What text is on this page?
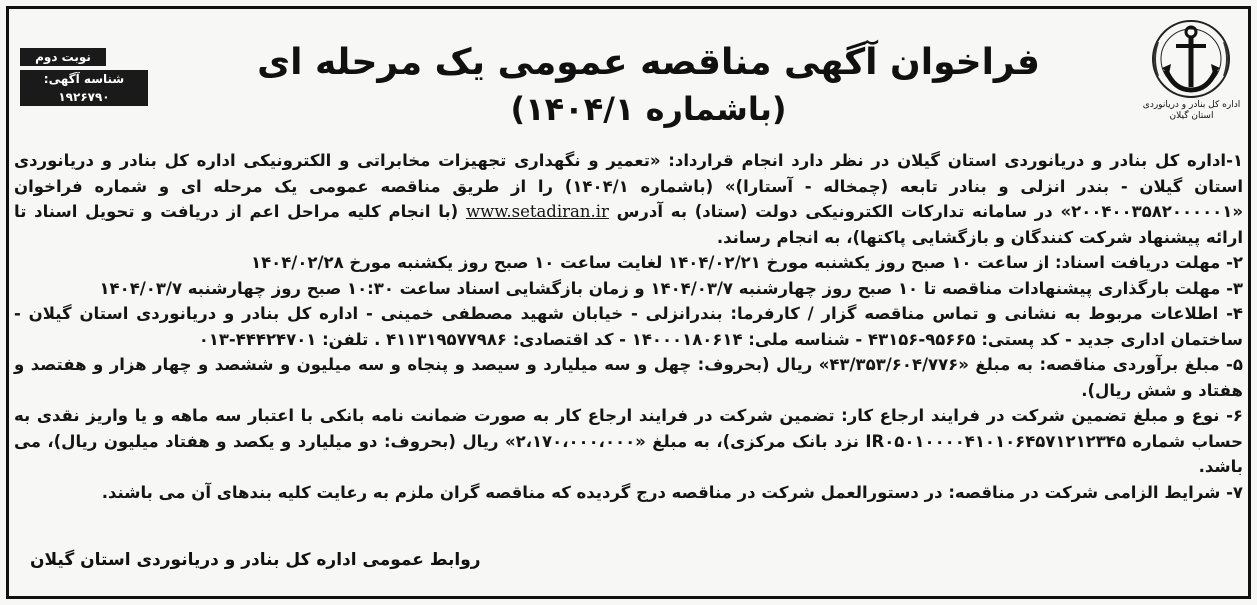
نوبت دوم
شناسه آگهی: ۱۹۲۶۷۹۰
اداره کل بنادر و دریانوردی استان گیلان
فراخوان آگهی مناقصه عمومی یک مرحله ای
(باشماره ۱۴۰۴/۱)

۱-اداره کل بنادر و دریانوردی استان گیلان در نظر دارد انجام قرارداد: «تعمیر و نگهداری تجهیزات مخابراتی و الکترونیکی اداره کل بنادر و دریانوردی استان گیلان - بندر انزلی و بنادر تابعه (چمخاله - آستارا)» (باشماره ۱۴۰۴/۱) را از طریق مناقصه عمومی یک مرحله ای و شماره فراخوان «۲۰۰۴۰۰۳۵۸۲۰۰۰۰۰۱» در سامانه تدارکات الکترونیکی دولت (ستاد) به آدرس www.setadiran.ir (با انجام کلیه مراحل اعم از دریافت و تحویل اسناد تا ارائه پیشنهاد شرکت کنندگان و بازگشایی پاکتها)، به انجام رساند.

۲- مهلت دریافت اسناد: از ساعت ۱۰ صبح روز یکشنبه مورخ ۱۴۰۴/۰۲/۲۱ لغایت ساعت ۱۰ صبح روز یکشنبه مورخ ۱۴۰۴/۰۲/۲۸

۳- مهلت بارگذاری پیشنهادات مناقصه تا ۱۰ صبح روز چهارشنبه ۱۴۰۴/۰۳/۷ و زمان بازگشایی اسناد ساعت ۱۰:۳۰ صبح روز چهارشنبه ۱۴۰۴/۰۳/۷

۴- اطلاعات مربوط به نشانی و تماس مناقصه گزار / کارفرما: بندرانزلی - خیابان شهید مصطفی خمینی - اداره کل بنادر و دریانوردی استان گیلان - ساختمان اداری جدید - کد پستی: ۹۵۶۶۵-۴۳۱۵۶ - شناسه ملی: ۱۴۰۰۰۱۸۰۶۱۴ - کد اقتصادی: ۴۱۱۳۱۹۵۷۷۹۸۶ . تلفن: ۴۴۴۲۴۷۰۱-۰۱۳

۵- مبلغ برآوردی مناقصه: به مبلغ «۴۳/۳۵۳/۶۰۴/۷۷۶» ریال (بحروف: چهل و سه میلیارد و سیصد و پنجاه و سه میلیون و ششصد و چهار هزار و هفتصد و هفتاد و شش ریال).

۶- نوع و مبلغ تضمین شرکت در فرایند ارجاع کار: تضمین شرکت در فرایند ارجاع کار به صورت ضمانت نامه بانکی با اعتبار سه ماهه و یا واریز نقدی به حساب شماره IR۰۵۰۱۰۰۰۰۴۱۰۱۰۶۴۵۷۱۲۱۲۳۴۵ نزد بانک مرکزی)، به مبلغ «۲،۱۷۰،۰۰۰،۰۰۰» ریال (بحروف: دو میلیارد و یکصد و هفتاد میلیون ریال)، می باشد.

۷- شرایط الزامی شرکت در مناقصه: در دستورالعمل شرکت در مناقصه درج گردیده که مناقصه گران ملزم به رعایت کلیه بندهای آن می باشند.

روابط عمومی اداره کل بنادر و دریانوردی استان گیلان
